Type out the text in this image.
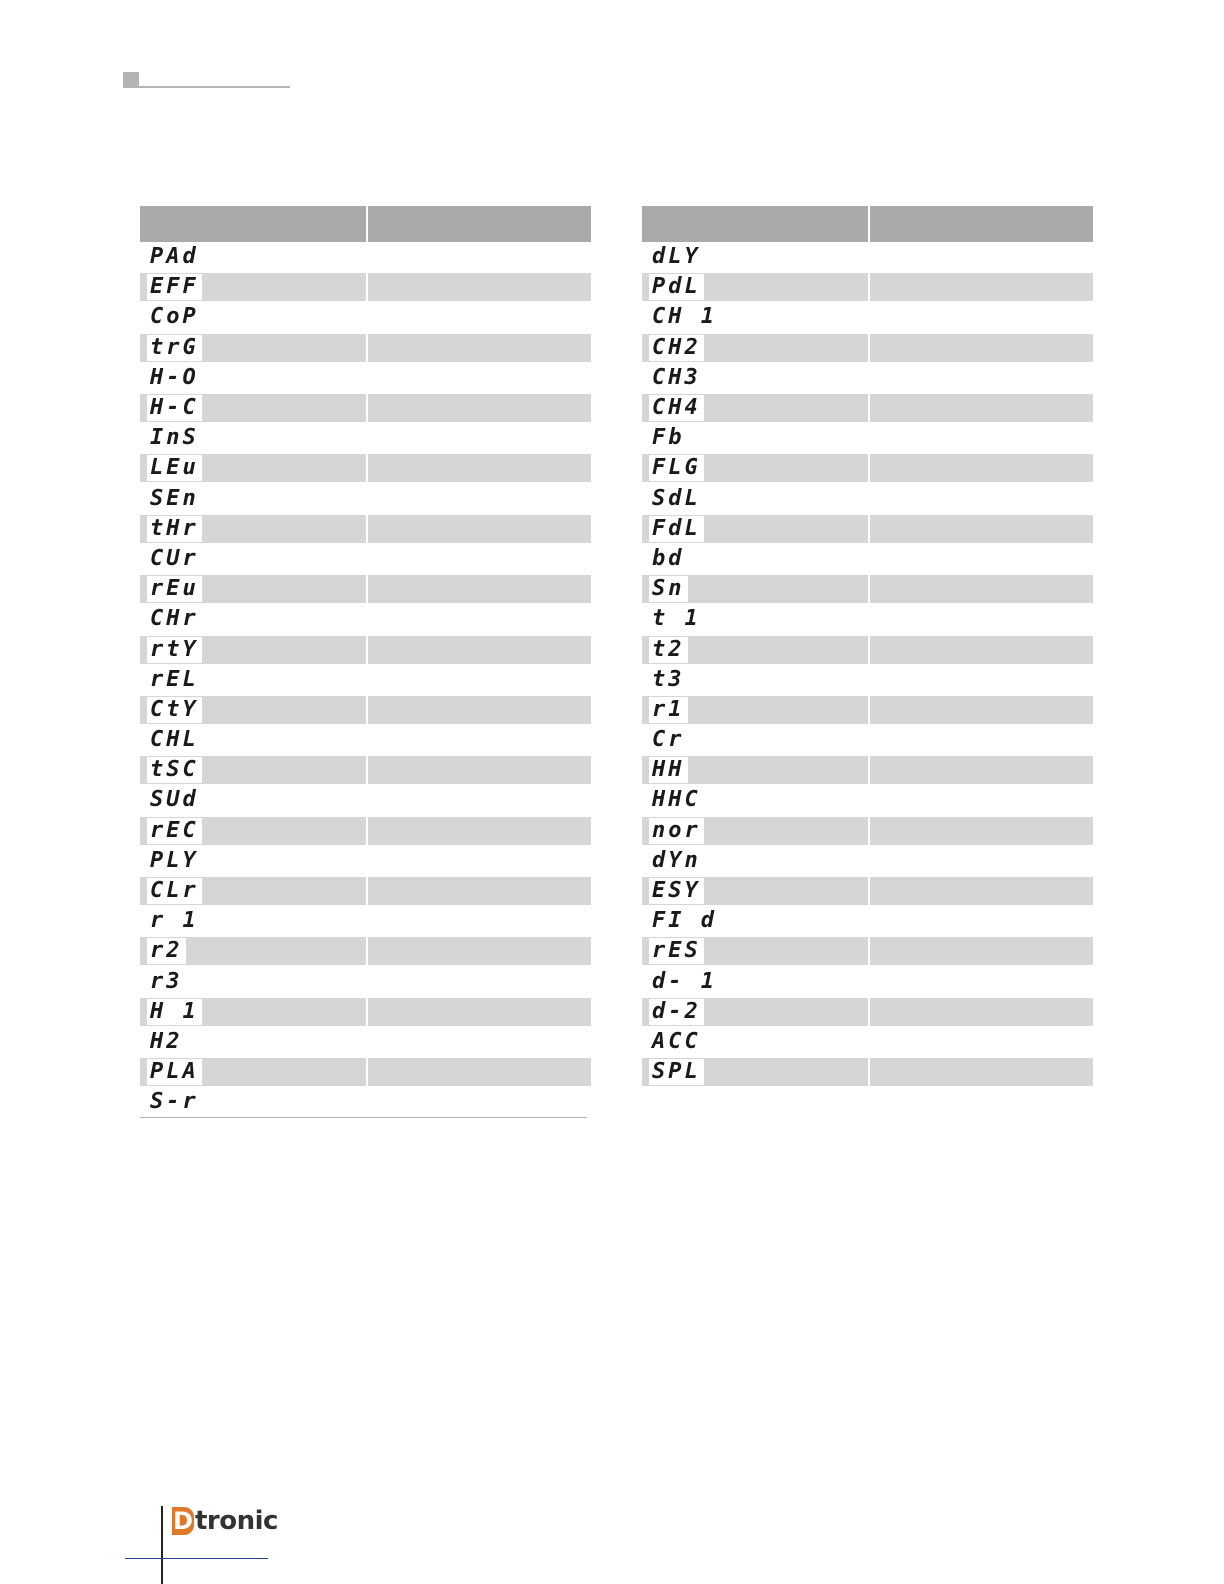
PAd
EFF
CoP
trG
H-O
H-C
InS
LEu
SEn
tHr
CUr
rEu
CHr
rtY
rEL
CtY
CHL
tSC
SUd
rEC
PLY
CLr
r 1
r2
r3
H 1
H2
PLA
S-r
dLY
PdL
CH 1
CH2
CH3
CH4
Fb
FLG
SdL
FdL
bd
Sn
t 1
t2
t3
r1
Cr
HH
HHC
nor
dYn
ESY
FI d
rES
d- 1
d-2
ACC
SPL
D tronic
